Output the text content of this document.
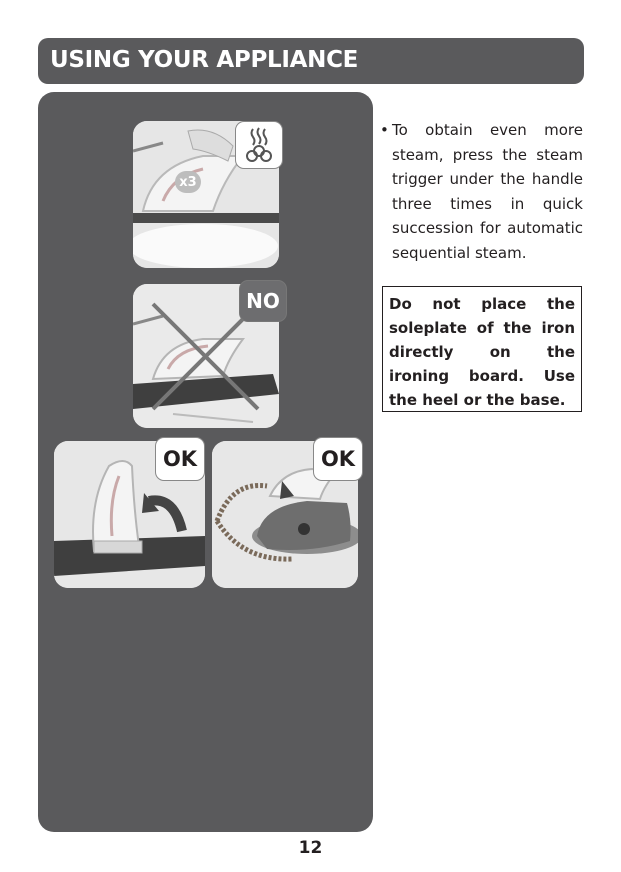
USING YOUR APPLIANCE
x3
NO
OK	OK
• To obtain even more steam, press the steam trigger under the handle three times in quick succession for automatic sequential steam.
Do not place the soleplate of the iron directly on the ironing board. Use the heel or the base.
12
